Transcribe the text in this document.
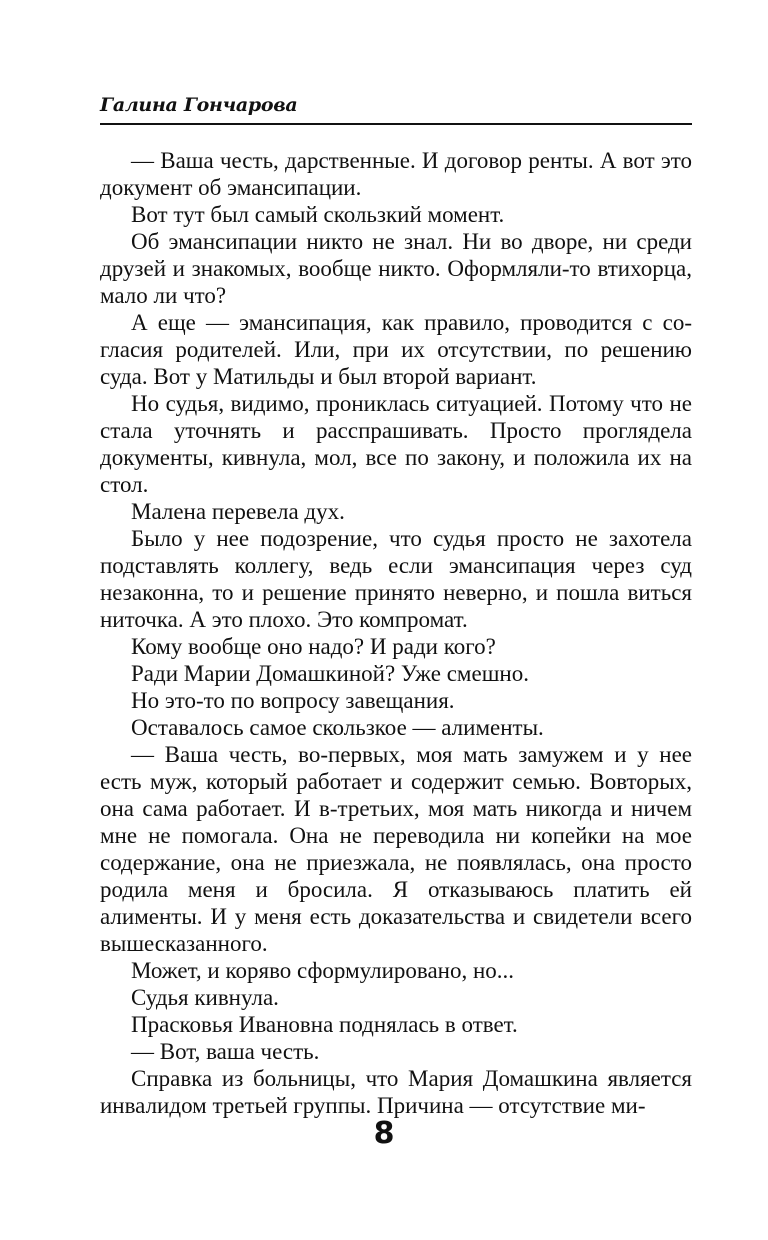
Галина Гончарова

— Ваша честь, дарственные. И договор ренты. А вот это документ об эмансипации.

Вот тут был самый скользкий момент.

Об эмансипации никто не знал. Ни во дворе, ни среди друзей и знакомых, вообще никто. Оформляли-то втихорца, мало ли что?

А еще — эмансипация, как правило, проводится с согласия родителей. Или, при их отсутствии, по решению суда. Вот у Матильды и был второй вариант.

Но судья, видимо, прониклась ситуацией. Потому что не стала уточнять и расспрашивать. Просто проглядела документы, кивнула, мол, все по закону, и положила их на стол.

Малена перевела дух.

Было у нее подозрение, что судья просто не захотела подставлять коллегу, ведь если эмансипация через суд незаконна, то и решение принято неверно, и пошла виться ниточка. А это плохо. Это компромат.

Кому вообще оно надо? И ради кого?

Ради Марии Домашкиной? Уже смешно.

Но это-то по вопросу завещания.

Оставалось самое скользкое — алименты.

— Ваша честь, во-первых, моя мать замужем и у нее есть муж, который работает и содержит семью. Вовторых, она сама работает. И в-третьих, моя мать никогда и ничем мне не помогала. Она не переводила ни копейки на мое содержание, она не приезжала, не появлялась, она просто родила меня и бросила. Я отказываюсь платить ей алименты. И у меня есть доказательства и свидетели всего вышесказанного.

Может, и коряво сформулировано, но...

Судья кивнула.

Прасковья Ивановна поднялась в ответ.

— Вот, ваша честь.

Справка из больницы, что Мария Домашкина является инвалидом третьей группы. Причина — отсутствие ми-

8
